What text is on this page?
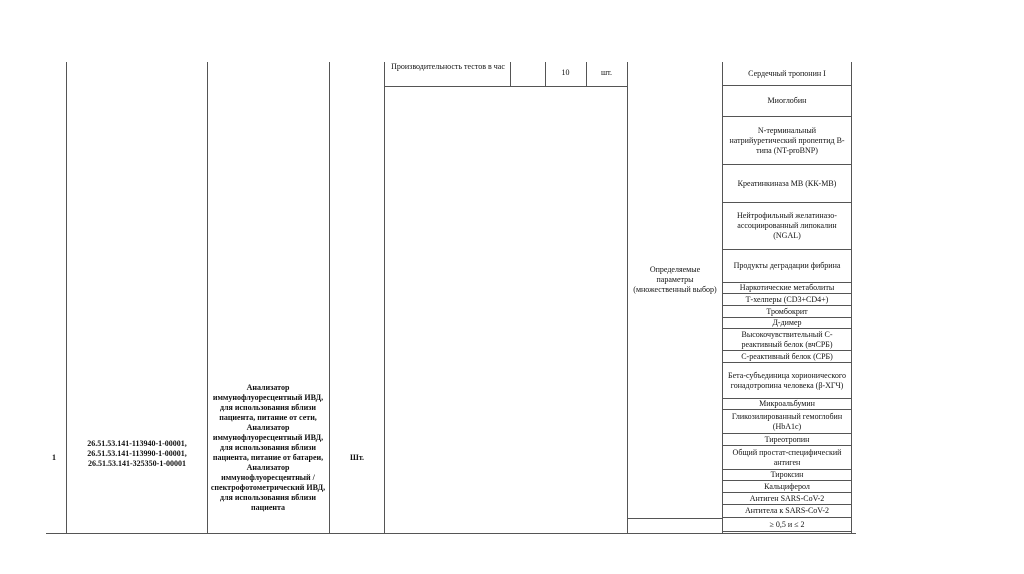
1
26.51.53.141-113940-1-00001,
26.51.53.141-113990-1-00001,
26.51.53.141-325350-1-00001
Анализатор иммунофлуоресцентный ИВД, для использования вблизи пациента, питание от сети, Анализатор иммунофлуоресцентный ИВД, для использования вблизи пациента, питание от батареи, Анализатор иммунофлуоресцентный /спектрофотометрический ИВД, для использования вблизи пациента
Шт.
Производительность тестов в час
10	шт.
Определяемые параметры (множественный выбор)
Сердечный тропонин I
Миоглобин
N-терминальный натрийуретический пропептид B-типа (NT-proBNP)
Креатинкиназа МВ (КК-МВ)
Нейтрофильный желатиназо-ассоциированный липокалин (NGAL)
Продукты деградации фибрина
Наркотические метаболиты
Т-хелперы (CD3+CD4+)
Тромбокрит
Д-димер
Высокочувствительный С-реактивный белок (вчСРБ)
С-реактивный белок (СРБ)
Бета-субъединица хорионического гонадотропина человека (β-ХГЧ)
Микроальбумин
Гликозилированный гемоглобин (HbA1c)
Тиреотропин
Общий простат-специфический антиген
Тироксин
Кальциферол
Антиген SARS-CoV-2
Антитела к SARS-CoV-2
≥ 0,5 и ≤ 2
